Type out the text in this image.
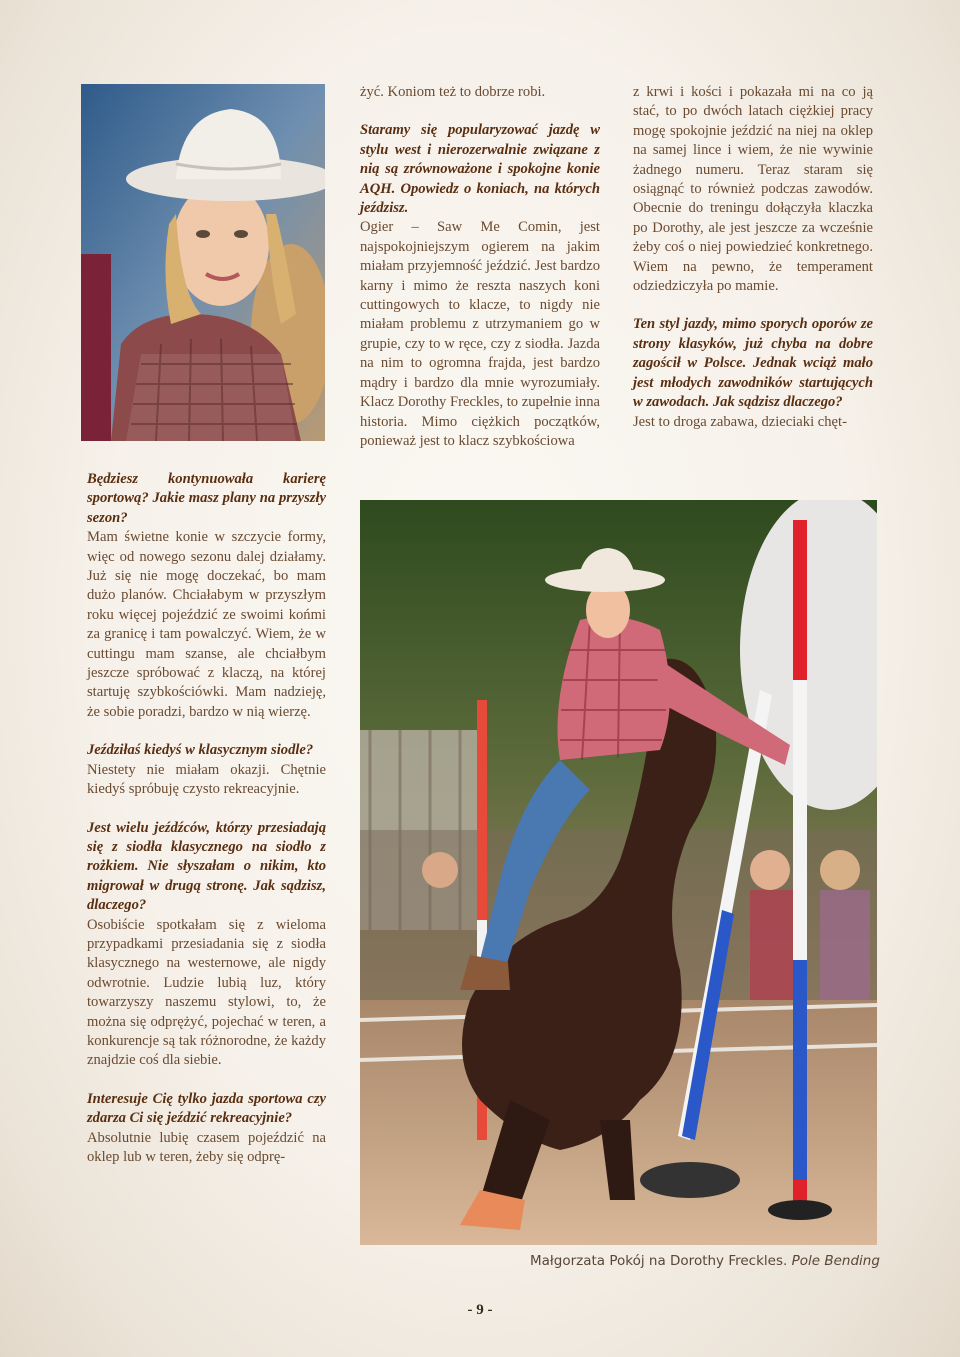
Będziesz kontynuowała karierę sportową? Jakie masz plany na przyszły sezon?

Mam świetne konie w szczycie formy, więc od nowego sezonu dalej działamy. Już się nie mogę doczekać, bo mam dużo planów. Chciałabym w przyszłym roku więcej pojeździć ze swoimi końmi za granicę i tam powalczyć. Wiem, że w cuttingu mam szanse, ale chciałbym jeszcze spróbować z klaczą, na której startuję szybkościówki. Mam nadzieję, że sobie poradzi, bardzo w nią wierzę.

Jeździłaś kiedyś w klasycznym siodle?

Niestety nie miałam okazji. Chętnie kiedyś spróbuję czysto rekreacyjnie.

Jest wielu jeźdźców, którzy przesiadają się z siodła klasycznego na siodło z rożkiem. Nie słyszałam o nikim, kto migrował w drugą stronę. Jak sądzisz, dlaczego?

Osobiście spotkałam się z wieloma przypadkami przesiadania się z siodła klasycznego na westernowe, ale nigdy odwrotnie. Ludzie lubią luz, który towarzyszy naszemu stylowi, to, że można się odprężyć, pojechać w teren, a konkurencje są tak różnorodne, że każdy znajdzie coś dla siebie.

Interesuje Cię tylko jazda sportowa czy zdarza Ci się jeździć rekreacyjnie?

Absolutnie lubię czasem pojeździć na oklep lub w teren, żeby się odprę-

żyć. Koniom też to dobrze robi.

Staramy się popularyzować jazdę w stylu west i nierozerwalnie związane z nią są zrównoważone i spokojne konie AQH. Opowiedz o koniach, na których jeździsz.

Ogier – Saw Me Comin, jest najspokojniejszym ogierem na jakim miałam przyjemność jeździć. Jest bardzo karny i mimo że reszta naszych koni cuttingowych to klacze, to nigdy nie miałam problemu z utrzymaniem go w grupie, czy to w ręce, czy z siodła. Jazda na nim to ogromna frajda, jest bardzo mądry i bardzo dla mnie wyrozumiały. Klacz Dorothy Freckles, to zupełnie inna historia. Mimo ciężkich początków, ponieważ jest to klacz szybkościowa

z krwi i kości i pokazała mi na co ją stać, to po dwóch latach ciężkiej pracy mogę spokojnie jeździć na niej na oklep na samej lince i wiem, że nie wywinie żadnego numeru. Teraz staram się osiągnąć to również podczas zawodów. Obecnie do treningu dołączyła klaczka po Dorothy, ale jest jeszcze za wcześnie żeby coś o niej powiedzieć konkretnego. Wiem na pewno, że temperament odziedziczyła po mamie.

Ten styl jazdy, mimo sporych oporów ze strony klasyków, już chyba na dobre zagościł w Polsce. Jednak wciąż mało jest młodych zawodników startujących w zawodach. Jak sądzisz dlaczego?

Jest to droga zabawa, dzieciaki chęt-

Małgorzata Pokój na Dorothy Freckles. Pole Bending
- 9 -
